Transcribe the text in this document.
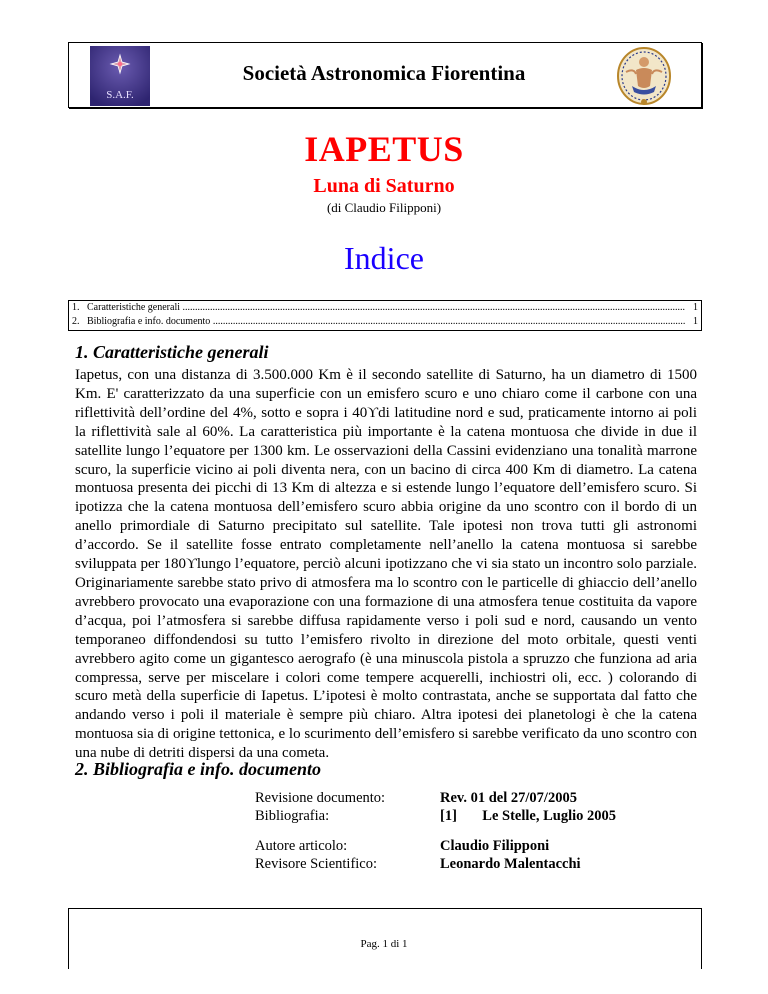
S.A.F.
Società Astronomica Fiorentina
IAPETUS
Luna di Saturno
(di Claudio Filipponi)
Indice
1. Caratteristiche generali .....	1
2. Bibliografia e info. documento .....	1
1. Caratteristiche generali
Iapetus, con una distanza di 3.500.000 Km è il secondo satellite di Saturno, ha un diametro di 1500 Km. E' caratterizzato da una superficie con un emisfero scuro e uno chiaro come il carbone con una riflettività dell’ordine del 4%, sotto e sopra i 40ϒdi latitudine nord e sud, praticamente intorno ai poli la riflettività sale al 60%. La caratteristica più importante è la catena montuosa che divide in due il satellite lungo l’equatore per 1300 km. Le osservazioni della Cassini evidenziano una tonalità marrone scuro, la superficie vicino ai poli diventa nera, con un bacino di circa 400 Km di diametro. La catena montuosa presenta dei picchi di 13 Km di altezza e si estende lungo l’equatore dell’emisfero scuro. Si ipotizza che la catena montuosa dell’emisfero scuro abbia origine da uno scontro con il bordo di un anello primordiale di Saturno precipitato sul satellite. Tale ipotesi non trova tutti gli astronomi d’accordo. Se il satellite fosse entrato completamente nell’anello la catena montuosa si sarebbe sviluppata per 180ϒlungo l’equatore, perciò alcuni ipotizzano che vi sia stato un incontro solo parziale. Originariamente sarebbe stato privo di atmosfera ma lo scontro con le particelle di ghiaccio dell’anello avrebbero provocato una evaporazione con una formazione di una atmosfera tenue costituita da vapore d’acqua, poi l’atmosfera si sarebbe diffusa rapidamente verso i poli sud e nord, causando un vento temporaneo diffondendosi su tutto l’emisfero rivolto in direzione del moto orbitale, questi venti avrebbero agito come un gigantesco aerografo (è una minuscola pistola a spruzzo che funziona ad aria compressa, serve per miscelare i colori come tempere acquerelli, inchiostri oli, ecc. ) colorando di scuro metà della superficie di Iapetus. L’ipotesi è molto contrastata, anche se supportata dal fatto che andando verso i poli il materiale è sempre più chiaro. Altra ipotesi dei planetologi è che la catena montuosa sia di origine tettonica, e lo scurimento dell’emisfero si sarebbe verificato da uno scontro con una nube di detriti dispersi da una cometa.
2. Bibliografia e info. documento
Revisione documento:	Rev. 01 del 27/07/2005
Bibliografia:	[1]       Le Stelle, Luglio 2005
Autore articolo:	Claudio Filipponi
Revisore Scientifico:	Leonardo Malentacchi
Pag. 1 di 1
